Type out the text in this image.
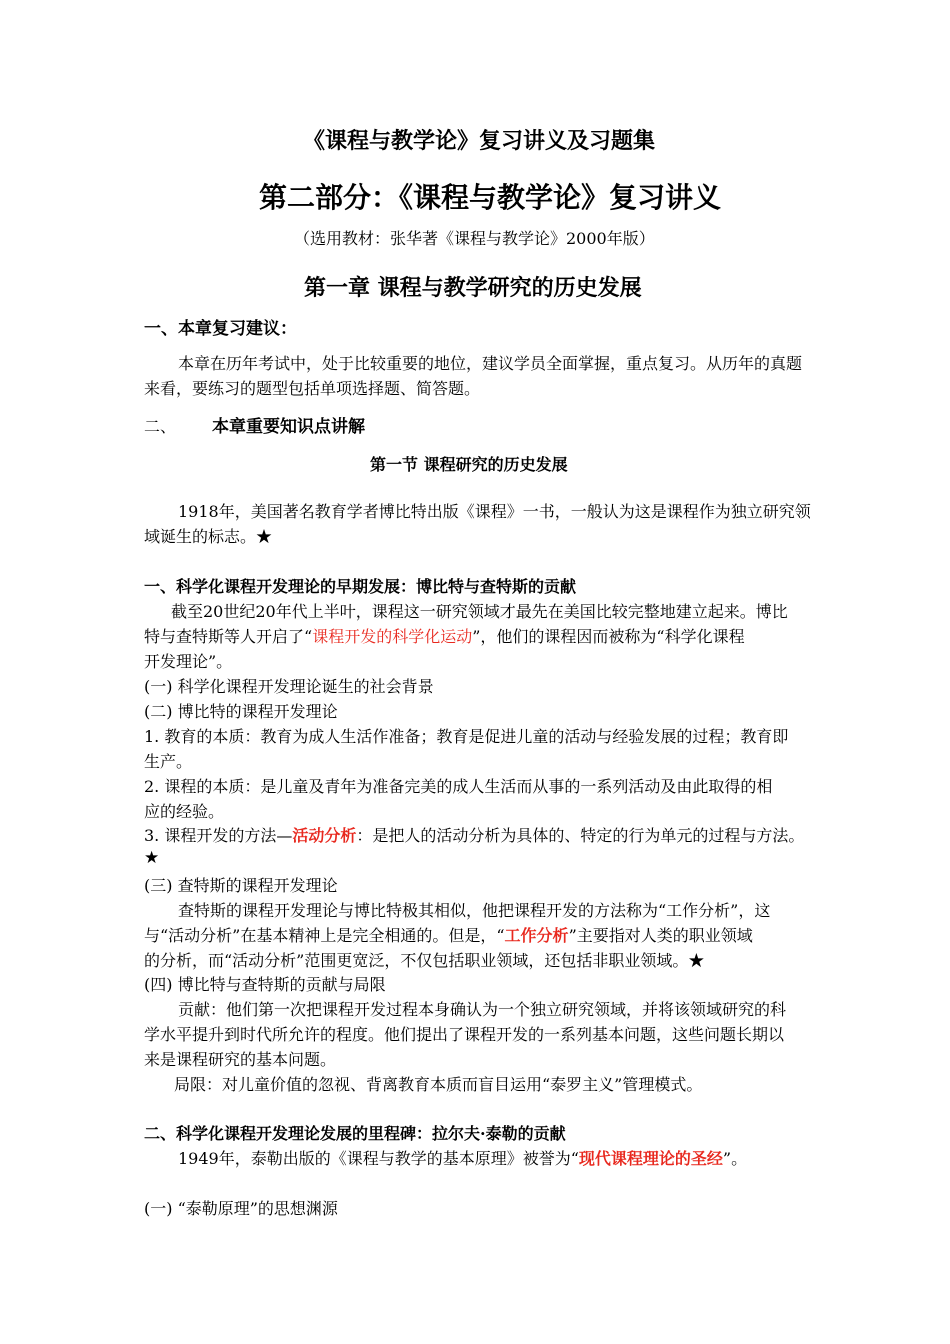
《课程与教学论》复习讲义及习题集
第二部分：《课程与教学论》复习讲义
（选用教材：张华著《课程与教学论》2000年版）
第一章 课程与教学研究的历史发展
一、本章复习建议：
本章在历年考试中，处于比较重要的地位，建议学员全面掌握，重点复习。从历年的真题
来看，要练习的题型包括单项选择题、简答题。
二、 本章重要知识点讲解
第一节 课程研究的历史发展
1918年，美国著名教育学者博比特出版《课程》一书，一般认为这是课程作为独立研究领
域诞生的标志。★
一、科学化课程开发理论的早期发展：博比特与查特斯的贡献
截至20世纪20年代上半叶，课程这一研究领域才最先在美国比较完整地建立起来。博比
特与查特斯等人开启了“课程开发的科学化运动”，他们的课程因而被称为“科学化课程
开发理论”。
(一) 科学化课程开发理论诞生的社会背景
(二) 博比特的课程开发理论
1. 教育的本质：教育为成人生活作准备；教育是促进儿童的活动与经验发展的过程；教育即
生产。
2. 课程的本质：是儿童及青年为准备完美的成人生活而从事的一系列活动及由此取得的相
应的经验。
3. 课程开发的方法—活动分析：是把人的活动分析为具体的、特定的行为单元的过程与方法。
★
(三) 查特斯的课程开发理论
查特斯的课程开发理论与博比特极其相似，他把课程开发的方法称为“工作分析”，这
与“活动分析”在基本精神上是完全相通的。但是，“工作分析”主要指对人类的职业领域
的分析，而“活动分析”范围更宽泛，不仅包括职业领域，还包括非职业领域。★
(四) 博比特与查特斯的贡献与局限
贡献：他们第一次把课程开发过程本身确认为一个独立研究领域，并将该领域研究的科
学水平提升到时代所允许的程度。他们提出了课程开发的一系列基本问题，这些问题长期以
来是课程研究的基本问题。
局限：对儿童价值的忽视、背离教育本质而盲目运用“泰罗主义”管理模式。
二、科学化课程开发理论发展的里程碑：拉尔夫·泰勒的贡献
1949年，泰勒出版的《课程与教学的基本原理》被誉为“现代课程理论的圣经”。
(一) “泰勒原理”的思想渊源
